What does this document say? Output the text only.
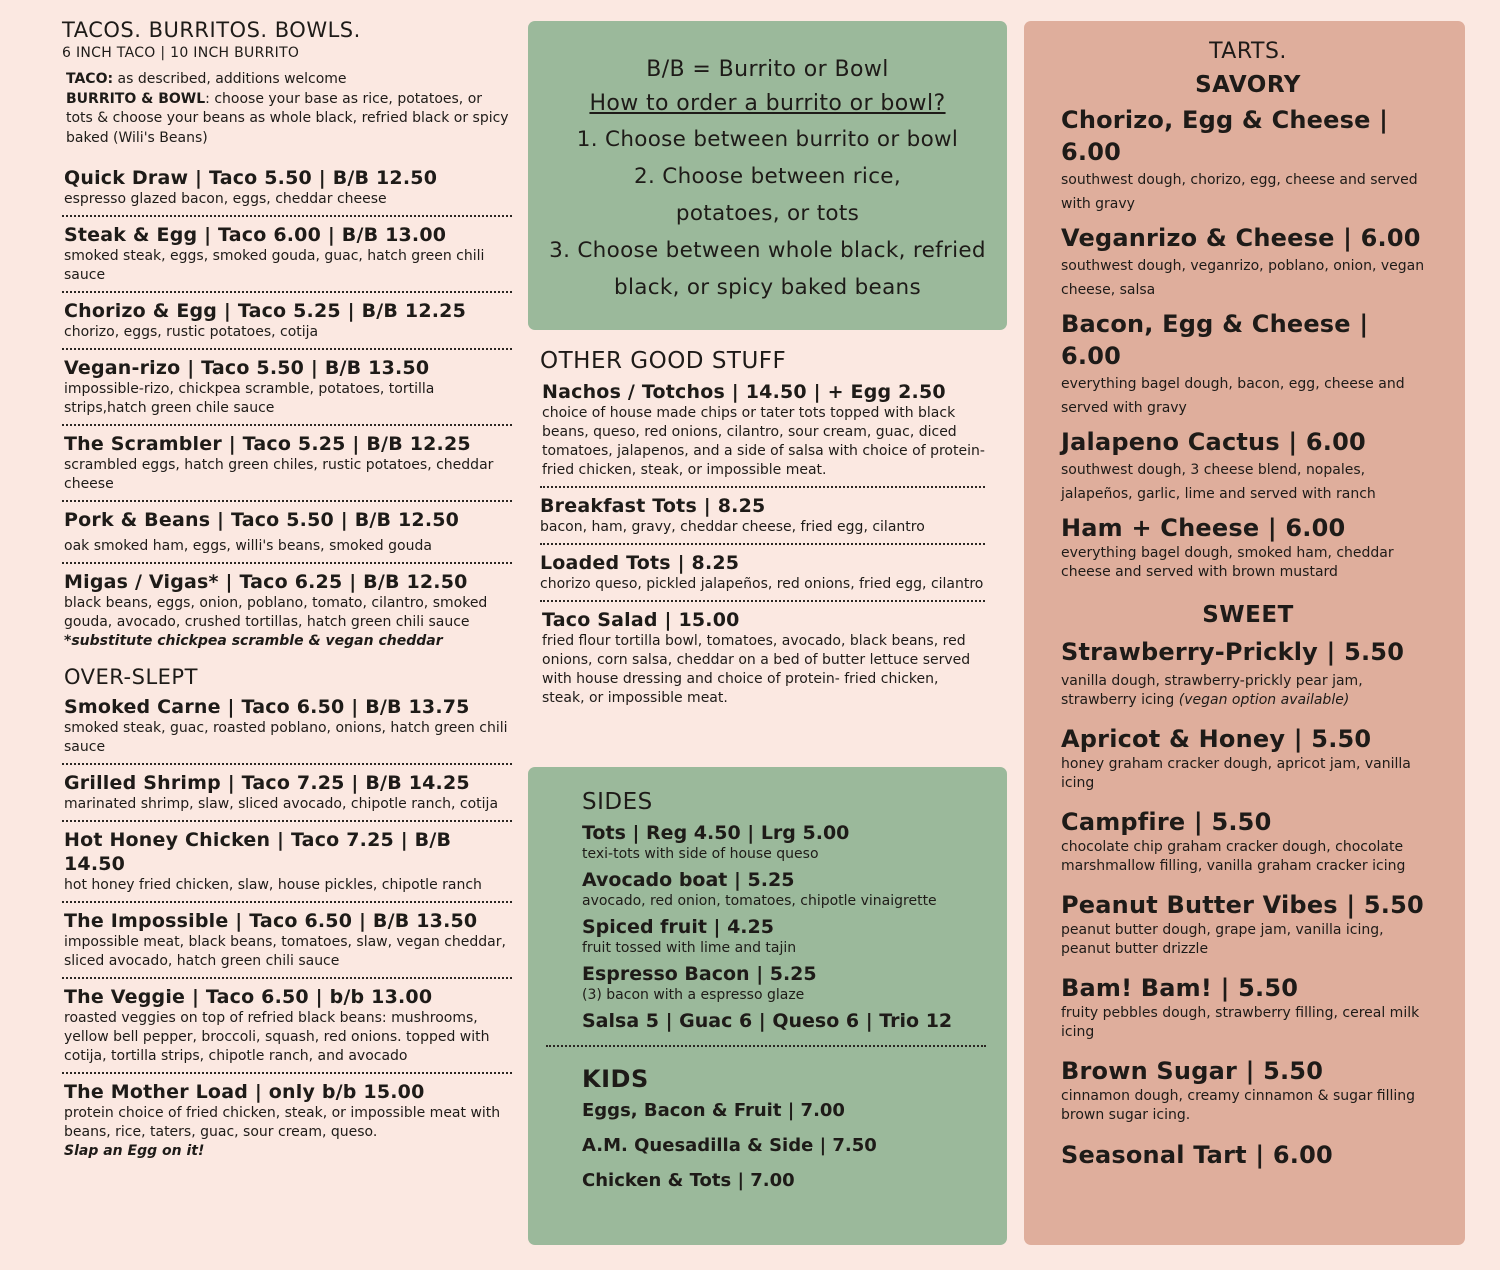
TACOS. BURRITOS. BOWLS.
6 INCH TACO | 10 INCH BURRITO
TACO: as described, additions welcome
BURRITO & BOWL: choose your base as rice, potatoes, or tots & choose your beans as whole black, refried black or spicy baked (Wili's Beans)
Quick Draw | Taco 5.50 | B/B 12.50
espresso glazed bacon, eggs, cheddar cheese
Steak & Egg | Taco 6.00 | B/B 13.00
smoked steak, eggs, smoked gouda, guac, hatch green chili sauce
Chorizo & Egg | Taco 5.25 | B/B 12.25
chorizo, eggs, rustic potatoes, cotija
Vegan-rizo | Taco 5.50 | B/B 13.50
impossible-rizo, chickpea scramble, potatoes, tortilla strips,hatch green chile sauce
The Scrambler | Taco 5.25 | B/B 12.25
scrambled eggs, hatch green chiles, rustic potatoes, cheddar cheese
Pork & Beans | Taco 5.50 | B/B 12.50
oak smoked ham, eggs, willi's beans, smoked gouda
Migas / Vigas* | Taco 6.25 | B/B 12.50
black beans, eggs, onion, poblano, tomato, cilantro, smoked gouda, avocado, crushed tortillas, hatch green chili sauce
*substitute chickpea scramble & vegan cheddar
OVER-SLEPT
Smoked Carne | Taco 6.50 | B/B 13.75
smoked steak, guac, roasted poblano, onions, hatch green chili sauce
Grilled Shrimp | Taco 7.25 | B/B 14.25
marinated shrimp, slaw, sliced avocado, chipotle ranch, cotija
Hot Honey Chicken | Taco 7.25 | B/B 14.50
hot honey fried chicken, slaw, house pickles, chipotle ranch
The Impossible | Taco 6.50 | B/B 13.50
impossible meat, black beans, tomatoes, slaw, vegan cheddar, sliced avocado, hatch green chili sauce
The Veggie | Taco 6.50 | b/b 13.00
roasted veggies on top of refried black beans: mushrooms, yellow bell pepper, broccoli, squash, red onions. topped with cotija, tortilla strips, chipotle ranch, and avocado
The Mother Load | only b/b 15.00
protein choice of fried chicken, steak, or impossible meat with beans, rice, taters, guac, sour cream, queso.
Slap an Egg on it!
B/B = Burrito or Bowl
How to order a burrito or bowl?
1. Choose between burrito or bowl
2. Choose between rice,
potatoes, or tots
3. Choose between whole black, refried
black, or spicy baked beans
OTHER GOOD STUFF
Nachos / Totchos | 14.50 | + Egg 2.50
choice of house made chips or tater tots topped with black beans, queso, red onions, cilantro, sour cream, guac, diced tomatoes, jalapenos, and a side of salsa with choice of protein- fried chicken, steak, or impossible meat.
Breakfast Tots | 8.25
bacon, ham, gravy, cheddar cheese, fried egg, cilantro
Loaded Tots | 8.25
chorizo queso, pickled jalapeños, red onions, fried egg, cilantro
Taco Salad | 15.00
fried flour tortilla bowl, tomatoes, avocado, black beans, red onions, corn salsa, cheddar on a bed of butter lettuce served with house dressing and choice of protein- fried chicken, steak, or impossible meat.
SIDES
Tots | Reg 4.50 | Lrg 5.00
texi-tots with side of house queso
Avocado boat | 5.25
avocado, red onion, tomatoes, chipotle vinaigrette
Spiced fruit | 4.25
fruit tossed with lime and tajin
Espresso Bacon | 5.25
(3) bacon with a espresso glaze
Salsa 5 | Guac 6 | Queso 6 | Trio 12
KIDS
Eggs, Bacon & Fruit | 7.00
A.M. Quesadilla & Side | 7.50
Chicken & Tots | 7.00
TARTS.
SAVORY
Chorizo, Egg & Cheese | 6.00
southwest dough, chorizo, egg, cheese and served with gravy
Veganrizo & Cheese | 6.00
southwest dough, veganrizo, poblano, onion, vegan cheese, salsa
Bacon, Egg & Cheese | 6.00
everything bagel dough, bacon, egg, cheese and served with gravy
Jalapeno Cactus | 6.00
southwest dough, 3 cheese blend, nopales, jalapeños, garlic, lime and served with ranch
Ham + Cheese | 6.00
everything bagel dough, smoked ham, cheddar cheese and served with brown mustard
SWEET
Strawberry-Prickly | 5.50
vanilla dough, strawberry-prickly pear jam, strawberry icing (vegan option available)
Apricot & Honey | 5.50
honey graham cracker dough, apricot jam, vanilla icing
Campfire | 5.50
chocolate chip graham cracker dough, chocolate marshmallow filling, vanilla graham cracker icing
Peanut Butter Vibes | 5.50
peanut butter dough, grape jam, vanilla icing, peanut butter drizzle
Bam! Bam! | 5.50
fruity pebbles dough, strawberry filling, cereal milk icing
Brown Sugar | 5.50
cinnamon dough, creamy cinnamon & sugar filling brown sugar icing.
Seasonal Tart | 6.00
